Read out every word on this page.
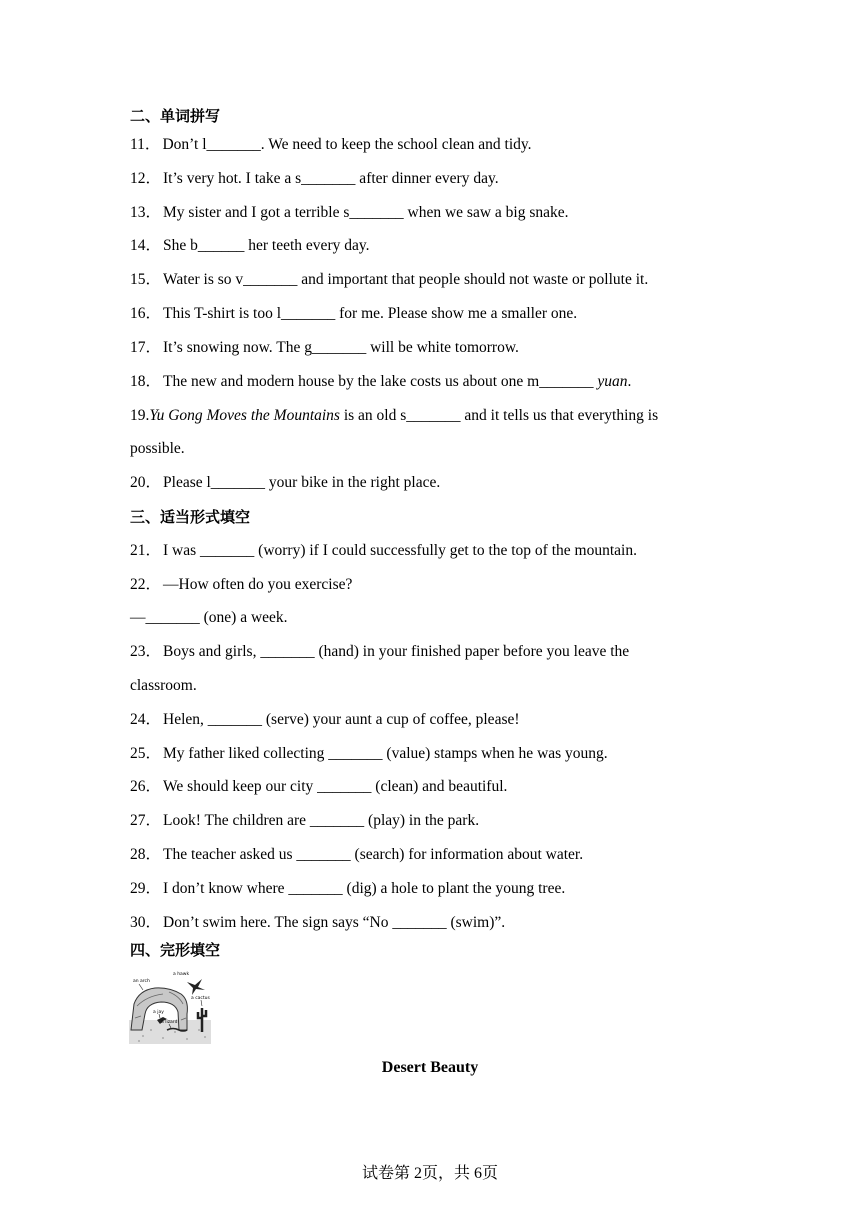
二、单词拼写
11． Don’t l_______. We need to keep the school clean and tidy.
12． It’s very hot. I take a s_______ after dinner every day.
13． My sister and I got a terrible s_______ when we saw a big snake.
14． She b______ her teeth every day.
15． Water is so v_______ and important that people should not waste or pollute it.
16． This T-shirt is too l_______ for me. Please show me a smaller one.
17． It’s snowing now. The g_______ will be white tomorrow.
18． The new and modern house by the lake costs us about one m_______ yuan.
19.Yu Gong Moves the Mountains is an old s_______ and it tells us that everything is
possible.
20． Please l_______ your bike in the right place.
三、适当形式填空
21． I was _______ (worry) if I could successfully get to the top of the mountain.
22． —How often do you exercise?
—_______ (one) a week.
23． Boys and girls, _______ (hand) in your finished paper before you leave the
classroom.
24． Helen, _______ (serve) your aunt a cup of coffee, please!
25． My father liked collecting _______ (value) stamps when he was young.
26． We should keep our city _______ (clean) and beautiful.
27． Look! The children are _______ (play) in the park.
28． The teacher asked us _______ (search) for information about water.
29． I don’t know where _______ (dig) a hole to plant the young tree.
30． Don’t swim here. The sign says “No _______ (swim)”.
四、完形填空
an arch
a hawk
a cactus
a jay
a lizard
Desert Beauty
试卷第 2页，共 6页
